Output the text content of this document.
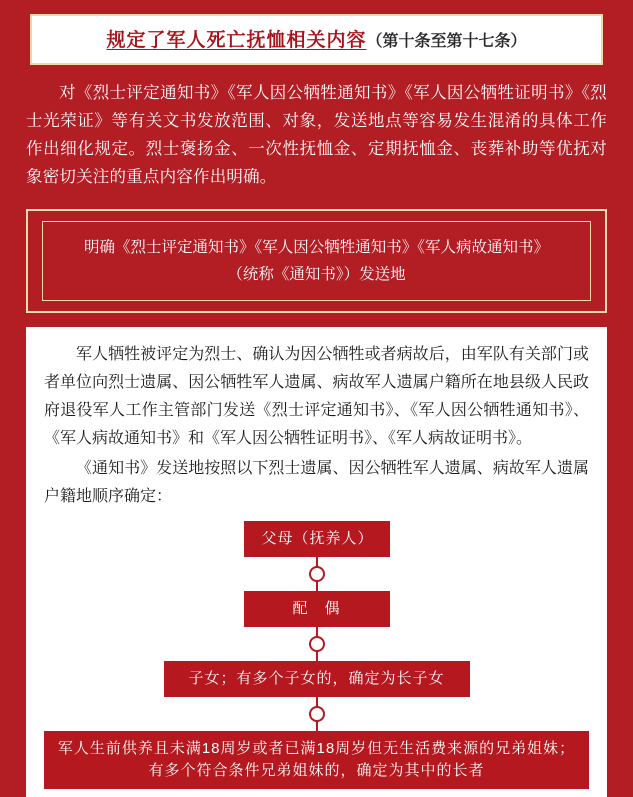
规定了军人死亡抚恤相关内容（第十条至第十七条）

对《烈士评定通知书》《军人因公牺牲通知书》《军人因公牺牲证明书》《烈士光荣证》等有关文书发放范围、对象，发送地点等容易发生混淆的具体工作作出细化规定。烈士褒扬金、一次性抚恤金、定期抚恤金、丧葬补助等优抚对象密切关注的重点内容作出明确。

明确《烈士评定通知书》《军人因公牺牲通知书》《军人病故通知书》
（统称《通知书》）发送地

军人牺牲被评定为烈士、确认为因公牺牲或者病故后，由军队有关部门或者单位向烈士遗属、因公牺牲军人遗属、病故军人遗属户籍所在地县级人民政府退役军人工作主管部门发送《烈士评定通知书》、《军人因公牺牲通知书》、《军人病故通知书》和《军人因公牺牲证明书》、《军人病故证明书》。

《通知书》发送地按照以下烈士遗属、因公牺牲军人遗属、病故军人遗属户籍地顺序确定：

父母（抚养人）
配　偶
子女；有多个子女的，确定为长子女
军人生前供养且未满18周岁或者已满18周岁但无生活费来源的兄弟姐妹；有多个符合条件兄弟姐妹的，确定为其中的长者
